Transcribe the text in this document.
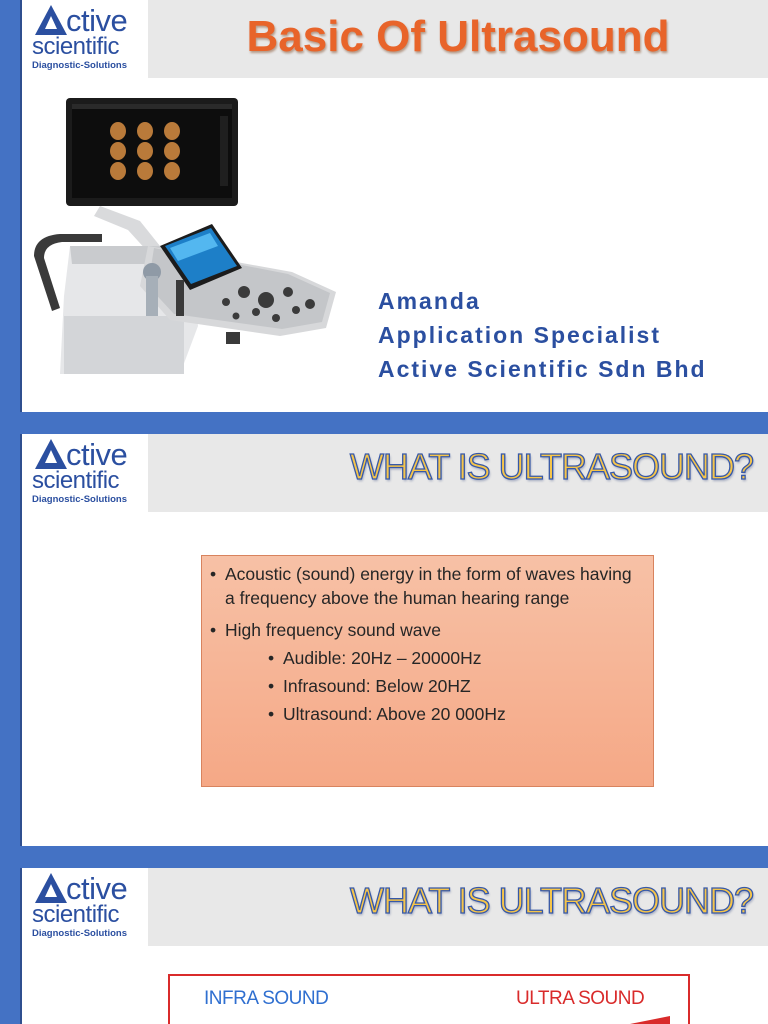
ctive
scientific
Diagnostic-Solutions
Basic Of Ultrasound
Amanda
Application Specialist
Active Scientific Sdn Bhd
ctive
scientific
Diagnostic-Solutions
WHAT IS ULTRASOUND?
• Acoustic (sound) energy in the form of waves having a frequency above the human hearing range
• High frequency sound wave
• Audible: 20Hz – 20000Hz
• Infrasound: Below 20HZ
• Ultrasound: Above 20 000Hz
ctive
scientific
Diagnostic-Solutions
WHAT IS ULTRASOUND?
INFRA SOUND	ULTRA SOUND
